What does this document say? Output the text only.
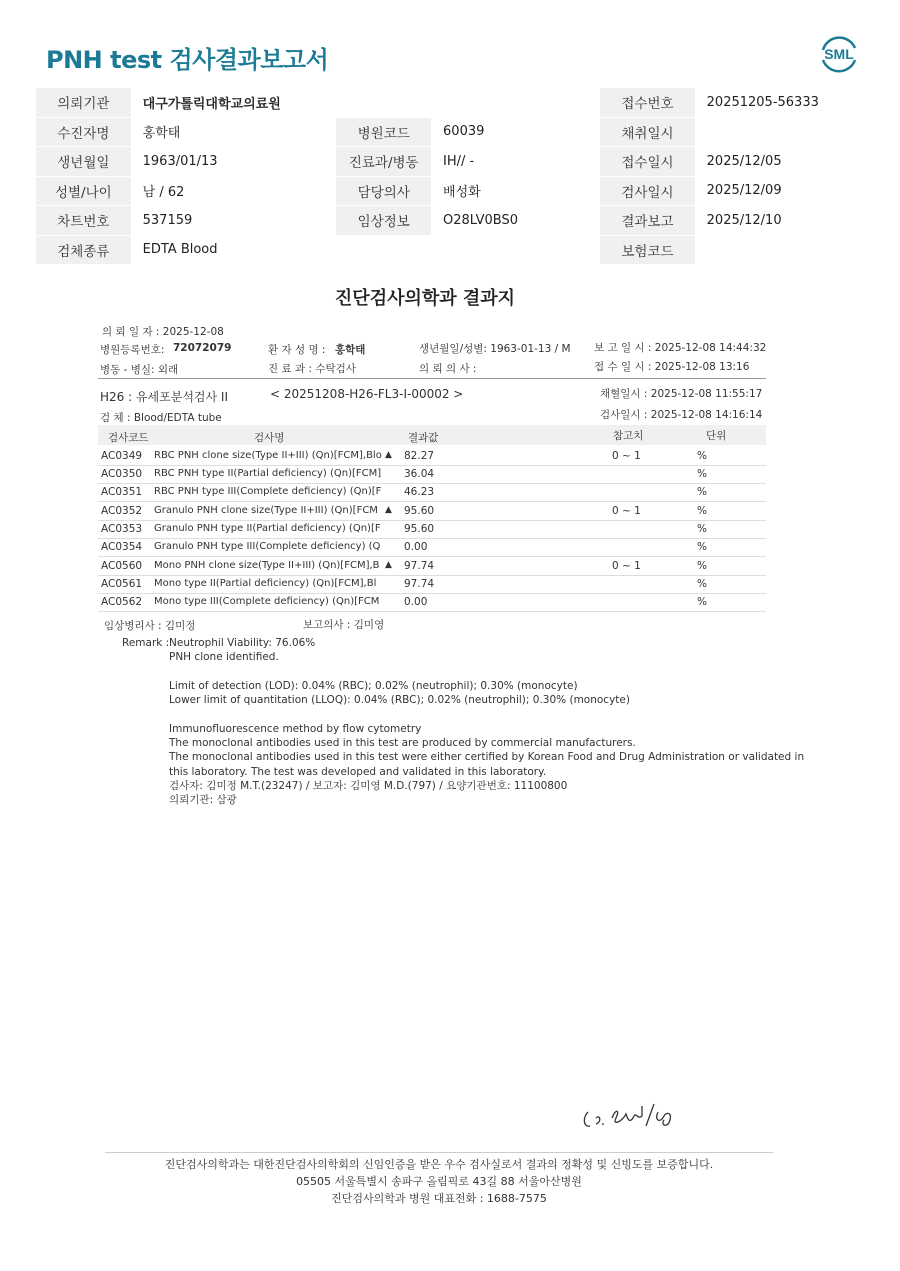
PNH test 검사결과보고서	SML
의뢰기관	대구가톨릭대학교의료원			접수번호	20251205-56333
수진자명	홍학태	병원코드	60039	채취일시	
생년월일	1963/01/13	진료과/병동	IH// -	접수일시	2025/12/05
성별/나이	남 / 62	담당의사	배성화	검사일시	2025/12/09
차트번호	537159	임상정보	O28LV0BS0	결과보고	2025/12/10
검체종류	EDTA Blood			보험코드	
진단검사의학과 결과지
의 뢰 일 자 : 2025-12-08
병원등록번호: 72072079	환 자 성 명 : 홍학태	생년월일/성별: 1963-01-13 / M 보 고 일 시 : 2025-12-08 14:44:32
병동 - 병실: 외래	진 료 과 : 수탁검사	의 뢰 의 사 :	접 수 일 시 : 2025-12-08 13:16
H26 : 유세포분석검사 II	< 20251208-H26-FL3-I-00002 >	채혈일시 : 2025-12-08 11:55:17
검 체 : Blood/EDTA tube	검사일시 : 2025-12-08 14:16:14
검사코드	검사명	결과값	참고치	단위
AC0349 RBC PNH clone size(Type II+III) (Qn)[FCM],Blo ▲ 82.27	0 ~ 1	%
AC0350 RBC PNH type II(Partial deficiency) (Qn)[FCM] 36.04	%
AC0351 RBC PNH type III(Complete deficiency) (Qn)[F 46.23	%
AC0352 Granulo PNH clone size(Type II+III) (Qn)[FCM ▲ 95.60	0 ~ 1	%
AC0353 Granulo PNH type II(Partial deficiency) (Qn)[F 95.60	%
AC0354 Granulo PNH type III(Complete deficiency) (Q 0.00	%
AC0560 Mono PNH clone size(Type II+III) (Qn)[FCM],B ▲ 97.74	0 ~ 1	%
AC0561 Mono type II(Partial deficiency) (Qn)[FCM],Bl	97.74	%
AC0562 Mono type III(Complete deficiency) (Qn)[FCM 0.00	%
임상병리사 : 김미정	보고의사 : 김미영
Remark : Neutrophil Viability: 76.06%
PNH clone identified.
Limit of detection (LOD): 0.04% (RBC); 0.02% (neutrophil); 0.30% (monocyte)
Lower limit of quantitation (LLOQ): 0.04% (RBC); 0.02% (neutrophil); 0.30% (monocyte)
Immunofluorescence method by flow cytometry
The monoclonal antibodies used in this test are produced by commercial manufacturers.
The monoclonal antibodies used in this test were either certified by Korean Food and Drug Administration or validated in
this laboratory. The test was developed and validated in this laboratory.
검사자: 김미정 M.T.(23247) / 보고자: 김미영 M.D.(797) / 요양기관번호: 11100800
의뢰기관: 삼광
진단검사의학과는 대한진단검사의학회의 신임인증을 받은 우수 검사실로서 결과의 정확성 및 신빙도를 보증합니다.
05505 서울특별시 송파구 올림픽로 43길 88 서울아산병원
진단검사의학과 병원 대표전화 : 1688-7575
